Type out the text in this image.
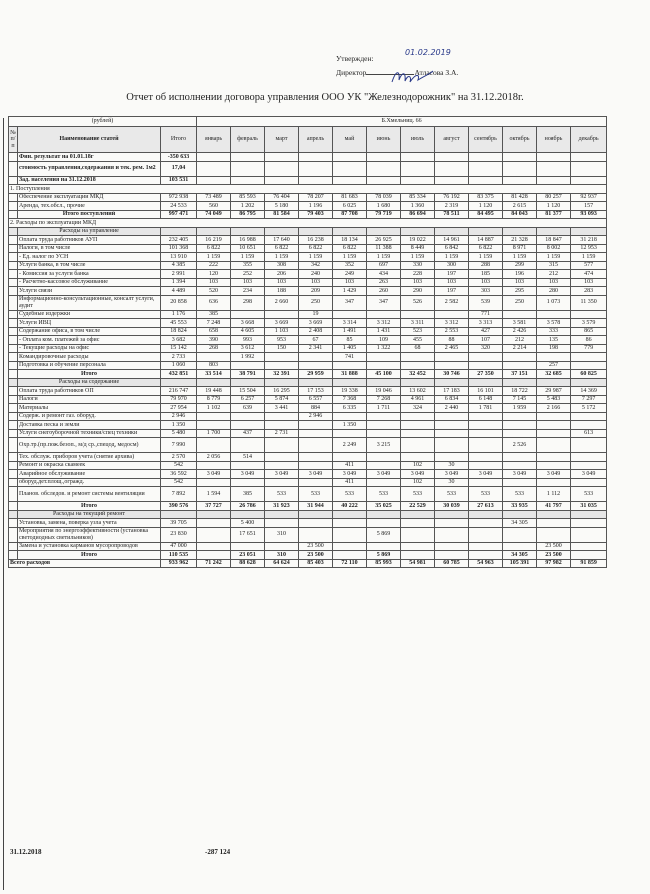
Утвержден:
Директор	Атласова З.А.
01.02.2019
Отчет об исполнении договора управления ООО УК "Железнодорожник" на 31.12.2018г.
(рублей)			Б.Хмельниц. 66											
№ п/п	Наименование статей	Итого	январь	февраль	март	апрель	май	июнь	июль	август	сентябрь	октябрь	ноябрь	декабрь
	Фин. результат на 01.01.18г	-350 633												
	стоимость управления,содержания и тек. рем. 1м2	17,04												
	Зад. населения на 31.12.2018	103 531												
1. Поступления														
	Обеспечение эксплуатации МКД	972 938	73 489	85 593	76 404	78 207	81 683	78 039	85 334	76 192	83 375	81 428	80 257	92 937
	Аренда, тех.обсл., прочие	24 533	560	1 202	5 180	1 196	6 025	1 680	1 360	2 319	1 120	2 615	1 120	157
	Итого поступлений	997 471	74 049	86 795	81 584	79 403	87 708	79 719	86 694	78 511	84 495	84 043	81 377	93 093
2. Расходы по эксплуатации МКД														
	Расходы на управление													
	Оплата труда работников АУП	232 405	16 219	16 988	17 640	16 238	18 134	26 925	19 022	14 961	14 887	21 328	18 847	31 218
	Налоги, в том числе	101 368	6 822	10 651	6 822	6 822	6 822	11 388	8 449	6 842	6 822	8 971	8 002	12 953
	- Ед. налог по УСН	13 910	1 159	1 159	1 159	1 159	1 159	1 159	1 159	1 159	1 159	1 159	1 159	1 159
	Услуги банка, в том числе	4 385	222	355	308	342	352	697	330	300	288	299	315	577
	- Комиссия за услуги банка	2 991	120	252	206	240	249	434	228	197	185	196	212	474
	- Расчетно-кассовое обслуживание	1 394	103	103	103	103	103	263	103	103	103	103	103	103
	Услуги связи	4 489	520	234	188	209	1 429	260	290	197	303	295	280	283
	Информационно-консультационные, консалт услуги, аудит	20 858	636	298	2 660	250	347	347	526	2 582	539	250	1 073	11 350
	Судебные издержки	1 176	385			19					771			
	Услуги ИВЦ	45 553	7 248	3 668	3 669	3 669	3 314	3 312	3 311	3 312	3 313	3 581	3 578	3 579
	Содержание офиса, в том числе	18 824	658	4 605	1 103	2 408	1 491	1 431	523	2 553	427	2 426	333	865
	- Оплата ком. платежей за офис	3 682	390	993	953	67	85	109	455	88	107	212	135	86
	- Текущие расходы на офис	15 142	268	3 612	150	2 341	1 405	1 322	68	2 465	320	2 214	198	779
	Командировочные расходы	2 733		1 992			741							
	Подготовка и обучение персонала	1 060	803										257	
	Итого	432 851	33 514	38 791	32 391	29 959	31 888	45 100	32 452	30 746	27 350	37 151	32 685	60 825
	Расходы на содержание													
	Оплата труда работников ОП	216 747	19 448	15 504	16 295	17 153	19 338	19 046	13 602	17 183	16 101	18 722	29 987	14 369
	Налоги	79 970	8 779	6 257	5 874	6 557	7 368	7 268	4 961	6 834	6 148	7 145	5 483	7 297
	Материалы	27 954	1 102	639	3 441	884	6 335	1 711	324	2 440	1 781	1 959	2 166	5 172
	Содерж. и ремонт газ. оборуд.	2 946				2 946								
	Доставка песка и земли	1 350					1 350							
	Услуги снегоуборочной техники/спец техники	5 480	1 700	437	2 731									613
	Охр.тр.(пр.пож.безоп., м/д ср.,спецод, медосм)	7 990					2 249	3 215				2 526		
	Тех. обслуж. приборов учета (снятие архива)	2 570	2 056	514										
	Ремонт и окраска скамеек	542					411		102	30				
	Аварийное обслуживание	36 592	3 049	3 049	3 049	3 049	3 049	3 049	3 049	3 049	3 049	3 049	3 049	3 049
	оборуд.дет.площ.,огражд.	542					411		102	30				
	Планов. обследов. и ремонт системы вентиляции	7 892	1 594	385	533	533	533	533	533	533	533	533	1 112	533
	Итого	390 576	37 727	26 786	31 923	31 944	40 222	35 025	22 529	30 039	27 613	33 935	41 797	31 035
	Расходы на текущий ремонт													
	Установка, замена, поверка узла учета	39 705		5 400								34 305		
	Мероприятия по энергоэффективности (установка светодиодных светильников)	23 830		17 651	310			5 869						
	Замена и установка карманов мусоропроводов	47 000				23 500							23 500	
	Итого	110 535		23 051	310	23 500		5 869				34 305	23 500	
Всего расходов		933 962	71 242	88 628	64 624	85 403	72 110	85 993	54 981	60 785	54 963	105 391	97 982	91 859
31.12.2018	-287 124
